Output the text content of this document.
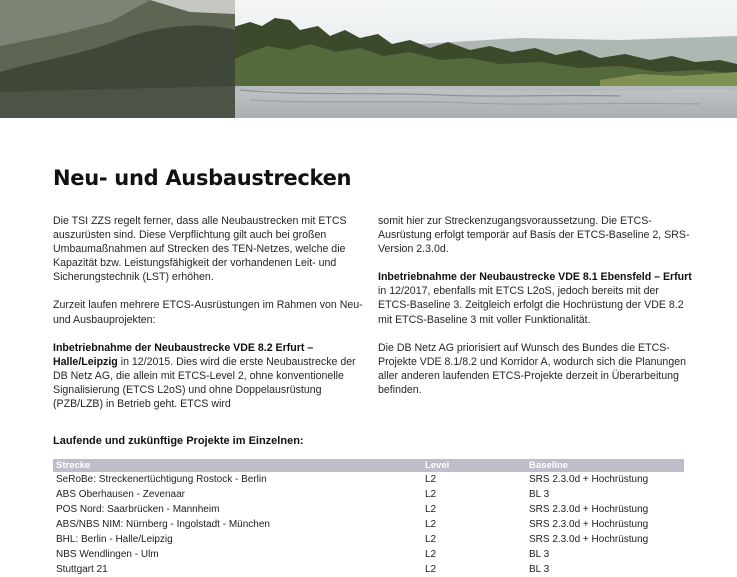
Neu- und Ausbaustrecken

Die TSI ZZS regelt ferner, dass alle Neubaustrecken mit ETCS auszurüsten sind. Diese Verpflichtung gilt auch bei großen Umbaumaßnahmen auf Strecken des TEN-Netzes, welche die Kapazität bzw. Leistungsfähigkeit der vorhandenen Leit- und Sicherungstechnik (LST) erhöhen.

Zurzeit laufen mehrere ETCS-Ausrüstungen im Rahmen von Neu- und Ausbauprojekten:

Inbetriebnahme der Neubaustrecke VDE 8.2 Erfurt – Halle/Leipzig in 12/2015. Dies wird die erste Neubaustrecke der DB Netz AG, die allein mit ETCS-Level 2, ohne konventionelle Signalisierung (ETCS L2oS) und ohne Doppelausrüstung (PZB/LZB) in Betrieb geht. ETCS wird

somit hier zur Streckenzugangsvoraussetzung. Die ETCS-Ausrüstung erfolgt temporär auf Basis der ETCS-Baseline 2, SRS-Version 2.3.0d.

Inbetriebnahme der Neubaustrecke VDE 8.1 Ebensfeld – Erfurt in 12/2017, ebenfalls mit ETCS L2oS, jedoch bereits mit der ETCS-Baseline 3. Zeitgleich erfolgt die Hochrüstung der VDE 8.2 mit ETCS-Baseline 3 mit voller Funktionalität.

Die DB Netz AG priorisiert auf Wunsch des Bundes die ETCS-Projekte VDE 8.1/8.2 und Korridor A, wodurch sich die Planungen aller anderen laufenden ETCS-Projekte derzeit in Überarbeitung befinden.

Laufende und zukünftige Projekte im Einzelnen:
Strecke	Level	Baseline
SeRoBe: Streckenertüchtigung Rostock - Berlin	L2	SRS 2.3.0d + Hochrüstung
ABS Oberhausen - Zevenaar	L2	BL 3
POS Nord: Saarbrücken - Mannheim	L2	SRS 2.3.0d + Hochrüstung
ABS/NBS NIM: Nürnberg - Ingolstadt - München	L2	SRS 2.3.0d + Hochrüstung
BHL: Berlin - Halle/Leipzig	L2	SRS 2.3.0d + Hochrüstung
NBS Wendlingen - Ulm	L2	BL 3
Stuttgart 21	L2	BL 3
